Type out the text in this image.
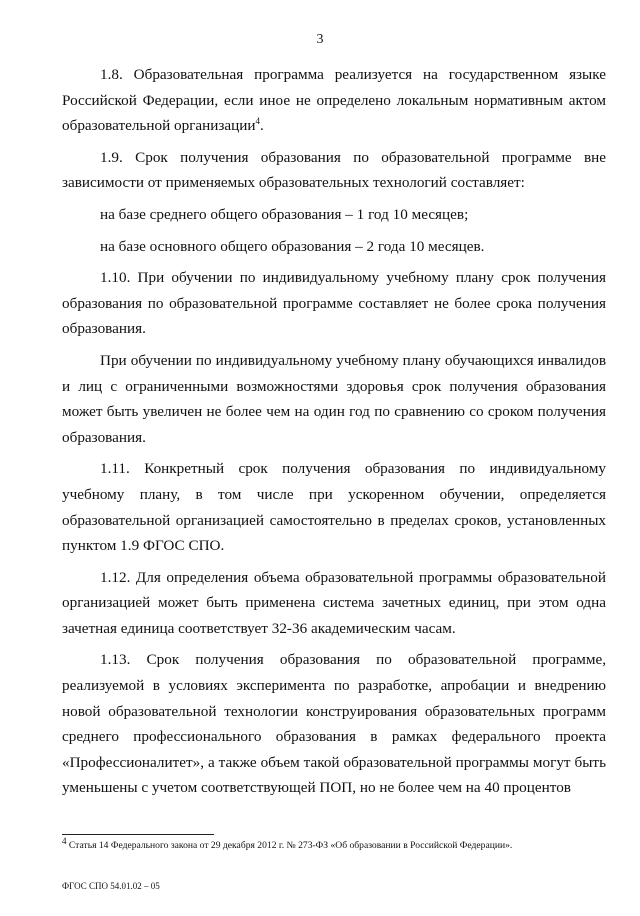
3

1.8. Образовательная программа реализуется на государственном языке Российской Федерации, если иное не определено локальным нормативным актом образовательной организации$^4$.

1.9. Срок получения образования по образовательной программе вне зависимости от применяемых образовательных технологий составляет:

на базе среднего общего образования – 1 год 10 месяцев;

на базе основного общего образования – 2 года 10 месяцев.

1.10. При обучении по индивидуальному учебному плану срок получения образования по образовательной программе составляет не более срока получения образования.

При обучении по индивидуальному учебному плану обучающихся инвалидов и лиц с ограниченными возможностями здоровья срок получения образования может быть увеличен не более чем на один год по сравнению со сроком получения образования.

1.11. Конкретный срок получения образования по индивидуальному учебному плану, в том числе при ускоренном обучении, определяется образовательной организацией самостоятельно в пределах сроков, установленных пунктом 1.9 ФГОС СПО.

1.12. Для определения объема образовательной программы образовательной организацией может быть применена система зачетных единиц, при этом одна зачетная единица соответствует 32-36 академическим часам.

1.13. Срок получения образования по образовательной программе, реализуемой в условиях эксперимента по разработке, апробации и внедрению новой образовательной технологии конструирования образовательных программ среднего профессионального образования в рамках федерального проекта «Профессионалитет», а также объем такой образовательной программы могут быть уменьшены с учетом соответствующей ПОП, но не более чем на 40 процентов

4 Статья 14 Федерального закона от 29 декабря 2012 г. № 273-ФЗ «Об образовании в Российской Федерации».
ФГОС СПО 54.01.02 – 05
